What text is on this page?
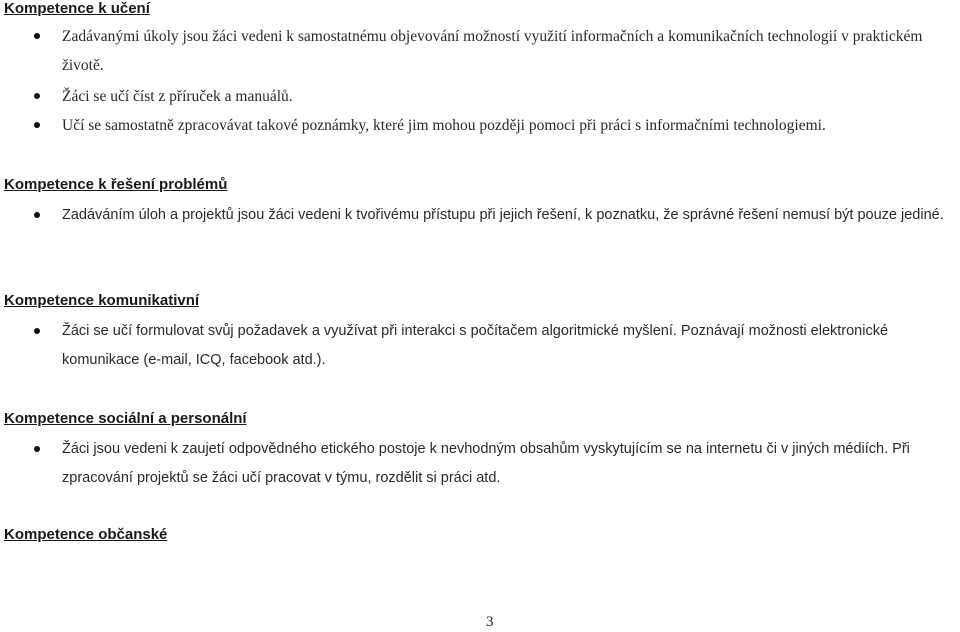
Kompetence k učení
Zadávanými úkoly jsou žáci vedeni k samostatnému objevování možností využití informačních a komunikačních technologií v praktickém životě.
Žáci se učí číst z příruček a manuálů.
Učí se samostatně zpracovávat takové poznámky, které jim mohou později pomoci při práci s informačními technologiemi.
Kompetence k řešení problémů
Zadáváním úloh a projektů jsou žáci vedeni k tvořivému přístupu při jejich řešení, k poznatku, že správné řešení nemusí být pouze jediné.
Kompetence komunikativní
Žáci se učí formulovat svůj požadavek a využívat při interakci s počítačem algoritmické myšlení. Poznávají možnosti elektronické komunikace (e-mail, ICQ, facebook atd.).
Kompetence sociální a personální
Žáci jsou vedeni k zaujetí odpovědného etického postoje k nevhodným obsahům vyskytujícím se na internetu či v jiných médiích. Při zpracování projektů se žáci učí pracovat v týmu, rozdělit si práci atd.
Kompetence občanské
3
